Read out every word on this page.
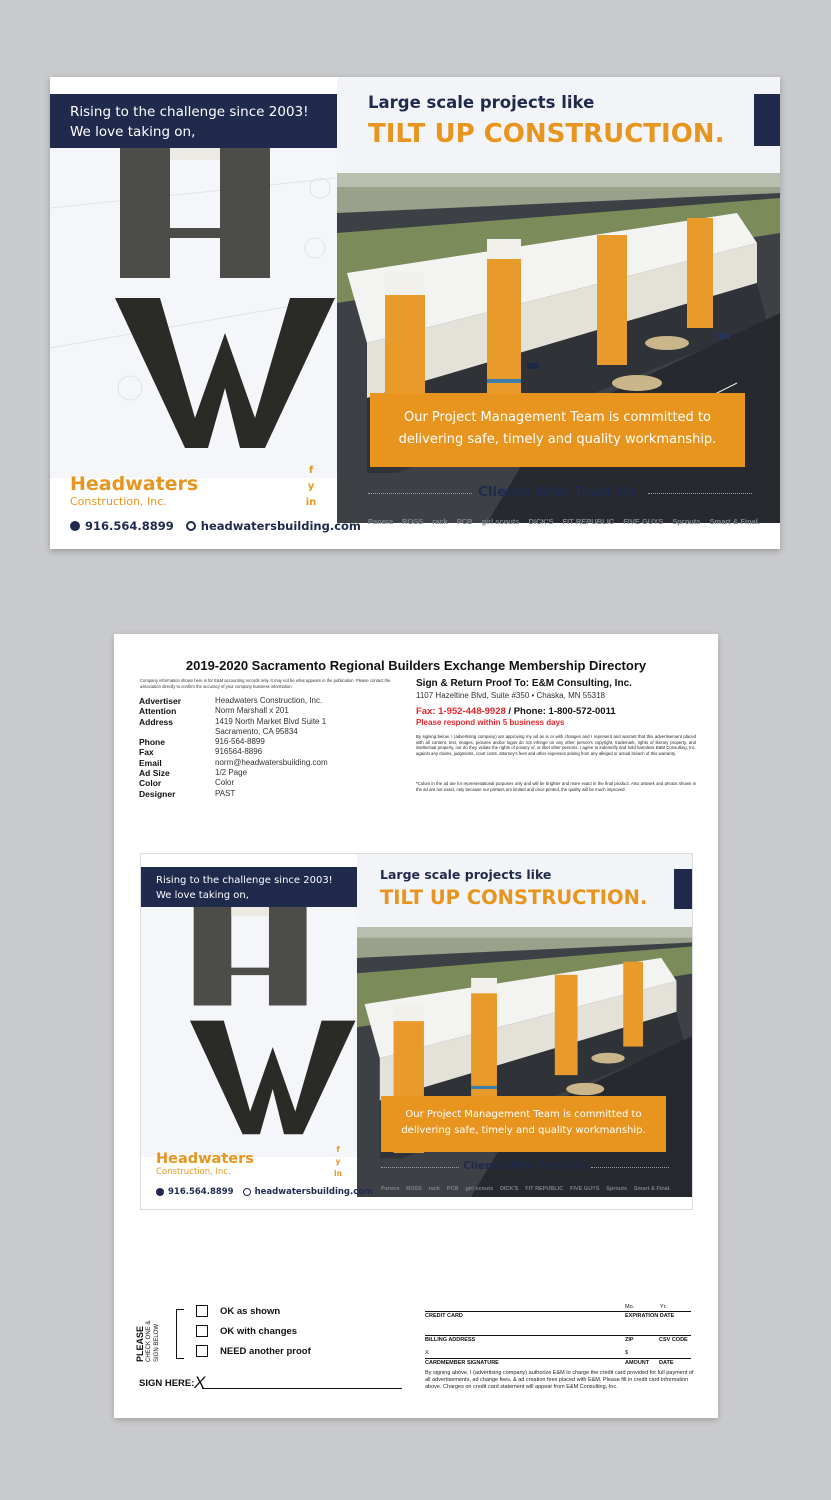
Rising to the challenge since 2003!
We love taking on,
Large scale projects like
TILT UP CONSTRUCTION.
Our Project Management Team is committed to
delivering safe, timely and quality workmanship.
Headwaters
Construction, Inc.
f
y
in
916.564.8899 headwatersbuilding.com
Clients Who Trust Us
Panera ROSS rack PCB girl scouts DICK'S FIT REPUBLIC FIVE GUYS Sprouts Smart & Final.
2019-2020 Sacramento Regional Builders Exchange Membership Directory
Company information shown here is for E&M accounting records only. It may not be what appears in the publication. Please contact the association directly to confirm the accuracy of your company business information.
Advertiser	Headwaters Construction, Inc.
Attention	Norm Marshall x 201
Address	1419 North Market Blvd Suite 1
Sacramento, CA 95834
Phone	916-564-8899
Fax	916564-8896
Email	norm@headwatersbuilding.com
Ad Size	1/2 Page
Color	Color
Designer	PAST
Sign & Return Proof To: E&M Consulting, Inc.
1107 Hazeltine Blvd, Suite #350 • Chaska, MN 55318
Fax: 1-952-448-9928 / Phone: 1-800-572-0011
Please respond within 5 business days
By signing below, I (advertising company) am approving my ad as is or with changes and I represent and warrant that this advertisement placed with all content, text, images, pictures and/or logos do not infringe on any other person's copyright, trademark, rights of literary property, and intellectual property, nor do they violate the rights of privacy of, or libel other persons. I agree to indemnify and hold harmless E&M Consulting, Inc. against any claims, judgments, court costs, attorney's fees and other expenses arising from any alleged or actual breach of this warranty.
*Colors in the ad are for representational purposes only and will be brighter and more exact in the final product. Also artwork and photos shown in the ad are not exact, only because our printers are limited and once printed, the quality will be much improved.
PLEASE CHECK ONE & SIGN BELOW
OK as shown
OK with changes
NEED another proof
SIGN HERE: X
Mo.	Yr.
CREDIT CARD	EXPIRATION DATE
BILLING ADDRESS	ZIP	CSV CODE
X	$
CARDMEMBER SIGNATURE	AMOUNT DATE
By signing above, I (advertising company) authorize E&M to charge the credit card provided for full payment of all advertisements, ad change fees, & ad creation fees placed with E&M. Please fill in credit card information above. Charges on credit card statement will appear from E&M Consulting, Inc.
Rising to the challenge since 2003!
We love taking on,
Large scale projects like
TILT UP CONSTRUCTION.
Our Project Management Team is committed to
delivering safe, timely and quality workmanship.
Headwaters
Construction, Inc.
f
y
in
916.564.8899 headwatersbuilding.com
Clients Who Trust Us
Panera ROSS rack PCB girl scouts DICK'S FIT REPUBLIC FIVE GUYS Sprouts Smart & Final.
